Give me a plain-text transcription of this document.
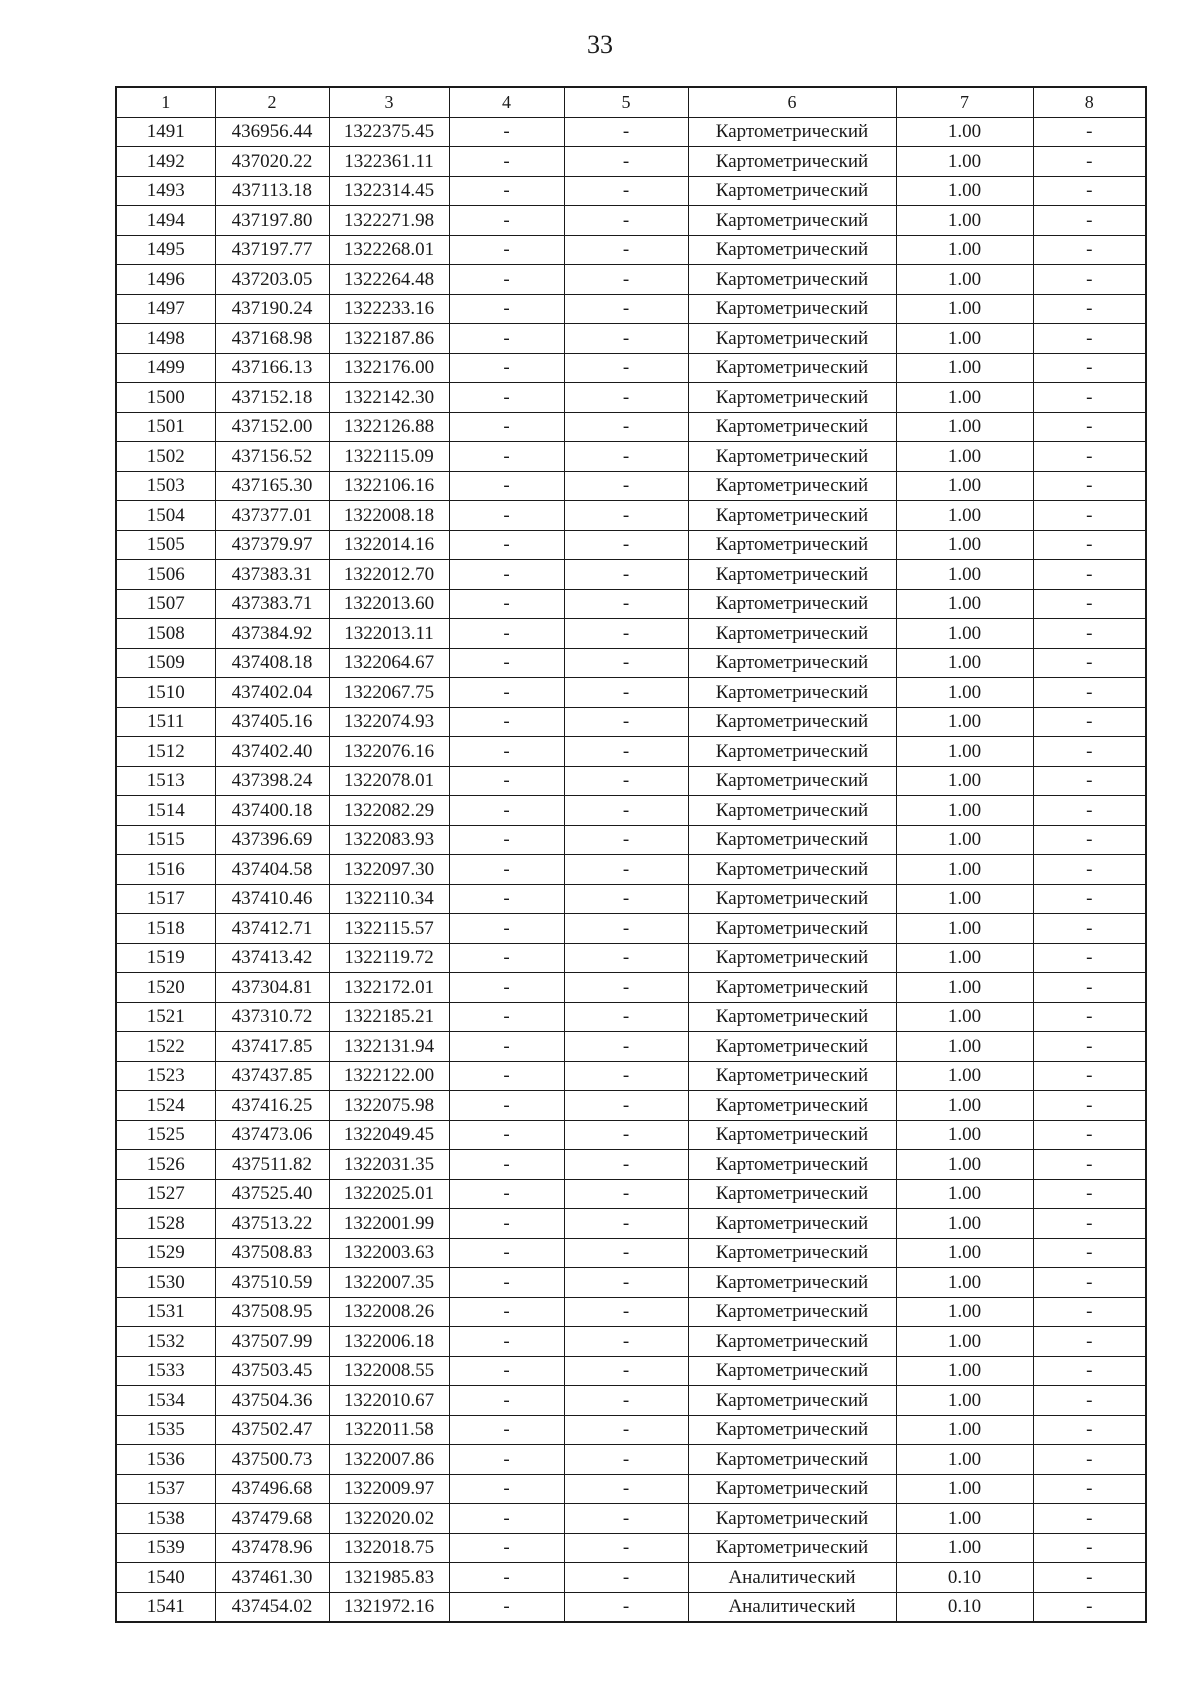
33
1	2	3	4	5	6	7	8
1491	436956.44	1322375.45	-	-	Картометрический	1.00	-
1492	437020.22	1322361.11	-	-	Картометрический	1.00	-
1493	437113.18	1322314.45	-	-	Картометрический	1.00	-
1494	437197.80	1322271.98	-	-	Картометрический	1.00	-
1495	437197.77	1322268.01	-	-	Картометрический	1.00	-
1496	437203.05	1322264.48	-	-	Картометрический	1.00	-
1497	437190.24	1322233.16	-	-	Картометрический	1.00	-
1498	437168.98	1322187.86	-	-	Картометрический	1.00	-
1499	437166.13	1322176.00	-	-	Картометрический	1.00	-
1500	437152.18	1322142.30	-	-	Картометрический	1.00	-
1501	437152.00	1322126.88	-	-	Картометрический	1.00	-
1502	437156.52	1322115.09	-	-	Картометрический	1.00	-
1503	437165.30	1322106.16	-	-	Картометрический	1.00	-
1504	437377.01	1322008.18	-	-	Картометрический	1.00	-
1505	437379.97	1322014.16	-	-	Картометрический	1.00	-
1506	437383.31	1322012.70	-	-	Картометрический	1.00	-
1507	437383.71	1322013.60	-	-	Картометрический	1.00	-
1508	437384.92	1322013.11	-	-	Картометрический	1.00	-
1509	437408.18	1322064.67	-	-	Картометрический	1.00	-
1510	437402.04	1322067.75	-	-	Картометрический	1.00	-
1511	437405.16	1322074.93	-	-	Картометрический	1.00	-
1512	437402.40	1322076.16	-	-	Картометрический	1.00	-
1513	437398.24	1322078.01	-	-	Картометрический	1.00	-
1514	437400.18	1322082.29	-	-	Картометрический	1.00	-
1515	437396.69	1322083.93	-	-	Картометрический	1.00	-
1516	437404.58	1322097.30	-	-	Картометрический	1.00	-
1517	437410.46	1322110.34	-	-	Картометрический	1.00	-
1518	437412.71	1322115.57	-	-	Картометрический	1.00	-
1519	437413.42	1322119.72	-	-	Картометрический	1.00	-
1520	437304.81	1322172.01	-	-	Картометрический	1.00	-
1521	437310.72	1322185.21	-	-	Картометрический	1.00	-
1522	437417.85	1322131.94	-	-	Картометрический	1.00	-
1523	437437.85	1322122.00	-	-	Картометрический	1.00	-
1524	437416.25	1322075.98	-	-	Картометрический	1.00	-
1525	437473.06	1322049.45	-	-	Картометрический	1.00	-
1526	437511.82	1322031.35	-	-	Картометрический	1.00	-
1527	437525.40	1322025.01	-	-	Картометрический	1.00	-
1528	437513.22	1322001.99	-	-	Картометрический	1.00	-
1529	437508.83	1322003.63	-	-	Картометрический	1.00	-
1530	437510.59	1322007.35	-	-	Картометрический	1.00	-
1531	437508.95	1322008.26	-	-	Картометрический	1.00	-
1532	437507.99	1322006.18	-	-	Картометрический	1.00	-
1533	437503.45	1322008.55	-	-	Картометрический	1.00	-
1534	437504.36	1322010.67	-	-	Картометрический	1.00	-
1535	437502.47	1322011.58	-	-	Картометрический	1.00	-
1536	437500.73	1322007.86	-	-	Картометрический	1.00	-
1537	437496.68	1322009.97	-	-	Картометрический	1.00	-
1538	437479.68	1322020.02	-	-	Картометрический	1.00	-
1539	437478.96	1322018.75	-	-	Картометрический	1.00	-
1540	437461.30	1321985.83	-	-	Аналитический	0.10	-
1541	437454.02	1321972.16	-	-	Аналитический	0.10	-
